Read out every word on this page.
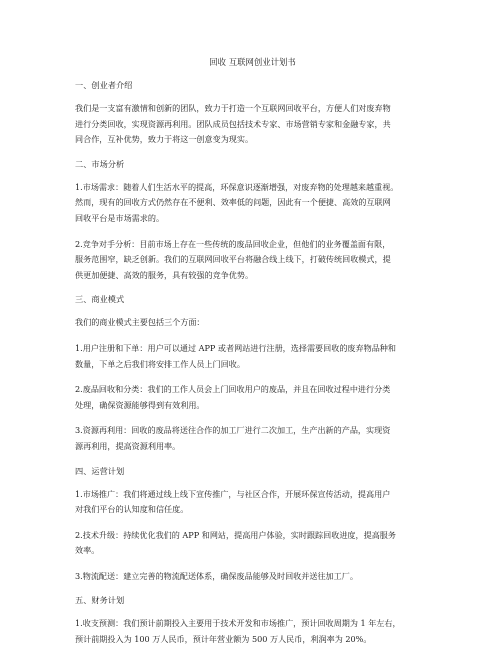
回收 互联网创业计划书
一、创业者介绍
我们是一支富有激情和创新的团队，致力于打造一个互联网回收平台，方便人们对废弃物
进行分类回收，实现资源再利用。团队成员包括技术专家、市场营销专家和金融专家，共
同合作，互补优势，致力于将这一创意变为现实。
二、市场分析
1.市场需求：随着人们生活水平的提高，环保意识逐渐增强，对废弃物的处理越来越重视。
然而，现有的回收方式仍然存在不便利、效率低的问题，因此有一个便捷、高效的互联网
回收平台是市场需求的。
2.竞争对手分析：目前市场上存在一些传统的废品回收企业，但他们的业务覆盖面有限，
服务范围窄，缺乏创新。我们的互联网回收平台将融合线上线下，打破传统回收模式，提
供更加便捷、高效的服务，具有较强的竞争优势。
三、商业模式
我们的商业模式主要包括三个方面：
1.用户注册和下单：用户可以通过 APP 或者网站进行注册，选择需要回收的废弃物品种和
数量，下单之后我们将安排工作人员上门回收。
2.废品回收和分类：我们的工作人员会上门回收用户的废品，并且在回收过程中进行分类
处理，确保资源能够得到有效利用。
3.资源再利用：回收的废品将送往合作的加工厂进行二次加工，生产出新的产品，实现资
源再利用，提高资源利用率。
四、运营计划
1.市场推广：我们将通过线上线下宣传推广，与社区合作，开展环保宣传活动，提高用户
对我们平台的认知度和信任度。
2.技术升级：持续优化我们的 APP 和网站，提高用户体验，实时跟踪回收进度，提高服务
效率。
3.物流配送：建立完善的物流配送体系，确保废品能够及时回收并送往加工厂。
五、财务计划
1.收支预测：我们预计前期投入主要用于技术开发和市场推广，预计回收周期为 1 年左右，
预计前期投入为 100 万人民币，预计年营业额为 500 万人民币，利润率为 20%。
